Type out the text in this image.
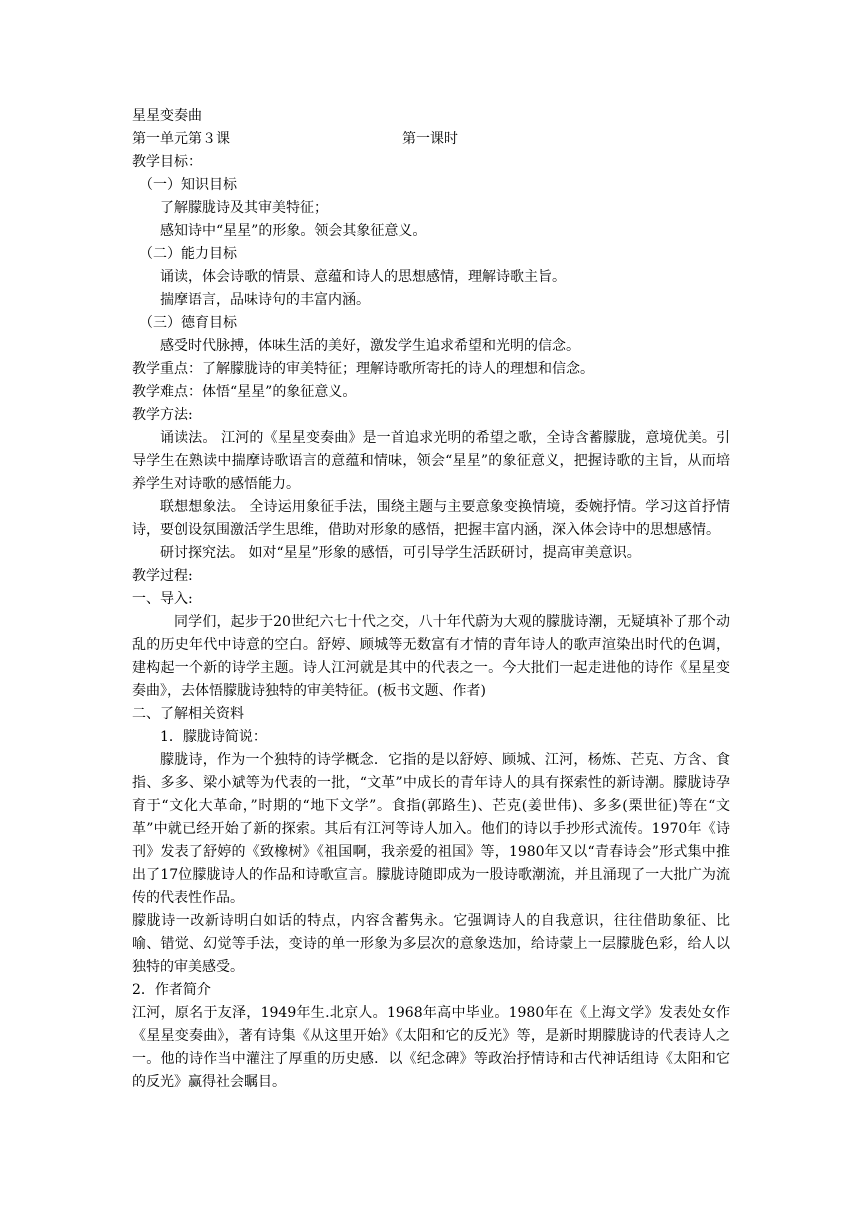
星星变奏曲
第一单元第３课	第一课时
教学目标：
（一）知识目标
了解朦胧诗及其审美特征；
感知诗中“星星”的形象。领会其象征意义。
（二）能力目标
诵读，体会诗歌的情景、意蕴和诗人的思想感情，理解诗歌主旨。
揣摩语言，品味诗句的丰富内涵。
（三）德育目标
感受时代脉搏，体味生活的美好，激发学生追求希望和光明的信念。
教学重点：了解朦胧诗的审美特征；理解诗歌所寄托的诗人的理想和信念。
教学难点：体悟“星星”的象征意义。
教学方法:
诵读法。 江河的《星星变奏曲》是一首追求光明的希望之歌，全诗含蓄朦胧，意境优美。引导学生在熟读中揣摩诗歌语言的意蕴和情味，领会“星星”的象征意义，把握诗歌的主旨，从而培养学生对诗歌的感悟能力。
联想想象法。 全诗运用象征手法，围绕主题与主要意象变换情境，委婉抒情。学习这首抒情诗，要创设氛围激活学生思维，借助对形象的感悟，把握丰富内涵，深入体会诗中的思想感情。
研讨探究法。 如对“星星”形象的感悟，可引导学生活跃研讨，提高审美意识。
教学过程:
一、导入:
同学们，起步于20世纪六七十代之交，八十年代蔚为大观的朦胧诗潮，无疑填补了那个动乱的历史年代中诗意的空白。舒婷、顾城等无数富有才情的青年诗人的歌声渲染出时代的色调，建构起一个新的诗学主题。诗人江河就是其中的代表之一。今大批们一起走进他的诗作《星星变奏曲》，去体悟朦胧诗独特的审美特征。(板书文题、作者)
二、了解相关资料
1．朦胧诗简说：
朦胧诗，作为一个独特的诗学概念．它指的是以舒婷、顾城、江河，杨炼、芒克、方含、食指、多多、梁小斌等为代表的一批，“文革”中成长的青年诗人的具有探索性的新诗潮。朦胧诗孕育于“文化大革命，”时期的“地下文学”。食指(郭路生)、芒克(姜世伟)、多多(栗世征)等在“文革”中就已经开始了新的探索。其后有江河等诗人加入。他们的诗以手抄形式流传。1970年《诗刊》发表了舒婷的《致橡树》《祖国啊，我亲爱的祖国》等，1980年又以“青春诗会”形式集中推出了17位朦胧诗人的作品和诗歌宣言。朦胧诗随即成为一股诗歌潮流，并且涌现了一大批广为流传的代表性作品。
朦胧诗一改新诗明白如话的特点，内容含蓄隽永。它强调诗人的自我意识，往往借助象征、比喻、错觉、幻觉等手法，变诗的单一形象为多层次的意象迭加，给诗蒙上一层朦胧色彩，给人以独特的审美感受。
2．作者简介
江河，原名于友泽，1949年生.北京人。1968年高中毕业。1980年在《上海文学》发表处女作《星星变奏曲》，著有诗集《从这里开始》《太阳和它的反光》等，是新时期朦胧诗的代表诗人之一。他的诗作当中灌注了厚重的历史感．以《纪念碑》等政治抒情诗和古代神话组诗《太阳和它的反光》赢得社会瞩目。
